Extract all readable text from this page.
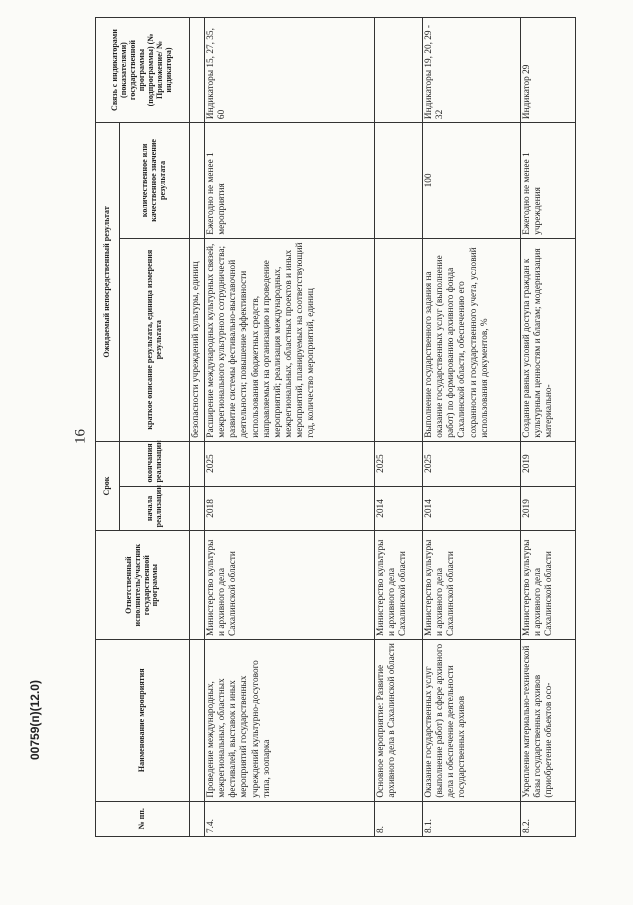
16
00759(п)(12.0)
№ пп.	Наименование мероприятия	Ответственный исполнитель/участник государственной программы	Срок		Ожидаемый непосредственный результат		Связь с индикаторами (показателями) государственной программы (подпрограммы) (№ Приложение/ № индикатора)
			начала реализации	окончания реализации	краткое описание результата, единица измерения результата	количественное или качественное значение результата	
					безопасности учреждений культуры, единиц		
7.4.	Проведение международных, межрегиональных, областных фестивалей, выставок и иных мероприятий государственных учреждений культурно-досугового типа, зоопарка	Министерство культуры и архивного дела Сахалинской области	2018	2025	Расширение международных культурных связей, межрегионального культурного сотрудничества; развитие системы фестивально-выставочной деятельности; повышение эффективности использования бюджетных средств, направляемых на организацию и проведение мероприятий; реализация международных, межрегиональных, областных проектов и иных мероприятий, планируемых на соответствующий год, количество мероприятий, единиц	Ежегодно не менее 1 мероприятия	Индикаторы 15, 27, 35, 60
8.	Основное мероприятие: Развитие архивного дела в Сахалинской области	Министерство культуры и архивного дела Сахалинской области	2014	2025			
8.1.	Оказание государственных услуг (выполнение работ) в сфере архивного дела и обеспечение деятельности государственных архивов	Министерство культуры и архивного дела Сахалинской области	2014	2025	Выполнение государственного задания на оказание государственных услуг (выполнение работ) по формированию архивного фонда Сахалинской области, обеспечению его сохранности и государственного учета, условий использования документов, %	100	Индикаторы 19, 20, 29 - 32
8.2.	Укрепление материально-технической базы государственных архивов (приобретение объектов осо-	Министерство культуры и архивного дела Сахалинской области	2019	2019	Создание равных условий доступа граждан к культурным ценностям и благам; модернизация материально-	Ежегодно не менее 1 учреждения	Индикатор 29
